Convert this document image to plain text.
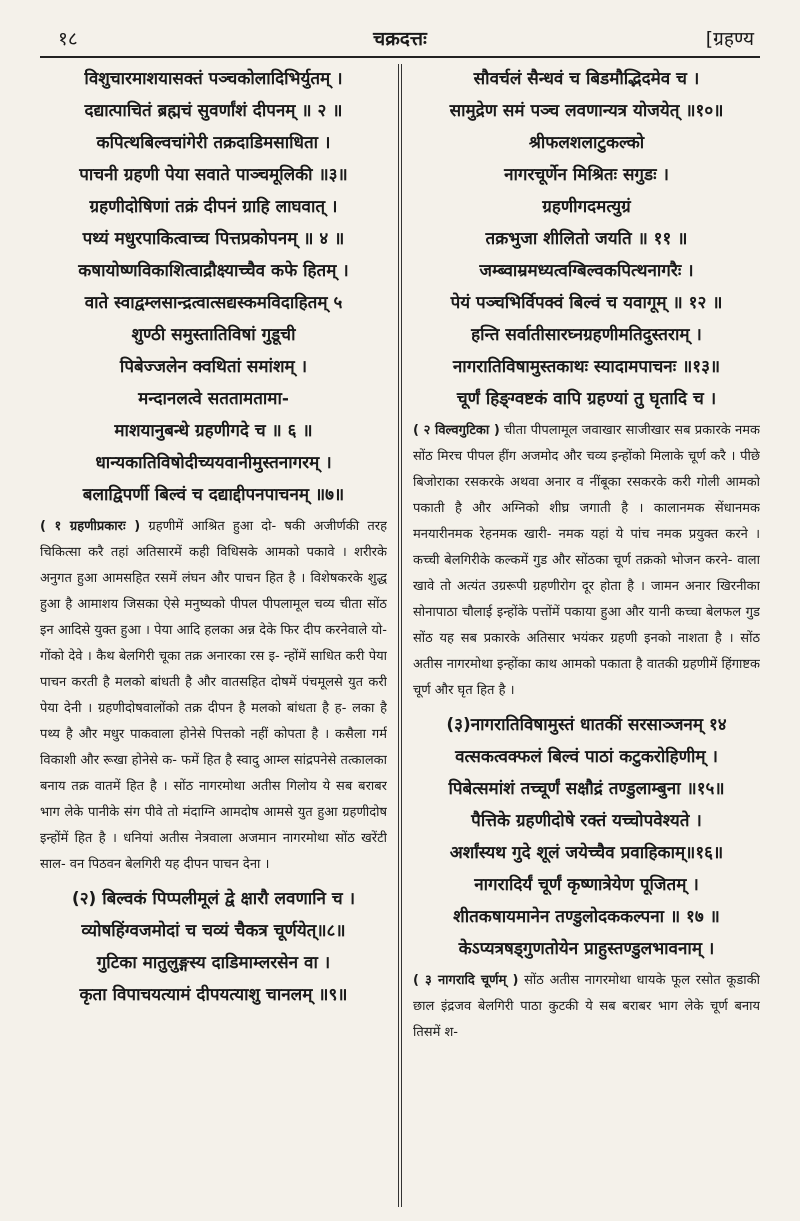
१८	चक्रदत्तः	[ग्रहण्य
विशुचारमाशयासक्तं पञ्चकोलादिभिर्युतम् ।
दद्यात्पाचितं ब्रह्मचं सुवर्णांशं दीपनम् ॥ २ ॥
कपित्थबिल्वचांगेरी तक्रदाडिमसाधिता ।
पाचनी ग्रहणी पेया सवाते पाञ्चमूलिकी ॥३॥
ग्रहणीदोषिणां तक्रं दीपनं ग्राहि लाघवात् ।
पथ्यं मधुरपाकित्वाच्च पित्तप्रकोपनम् ॥ ४ ॥
कषायोष्णविकाशित्वाद्रौक्ष्याच्चैव कफे हितम् ।
वाते स्वाद्वम्लसान्द्रत्वात्सद्यस्कमविदाहितम् ५
शुण्ठी समुस्तातिविषां गुडूची
पिबेज्जलेन क्वथितां समांशम् ।
मन्दानलत्वे सततामतामा-
माशयानुबन्धे ग्रहणीगदे च ॥ ६ ॥
धान्यकातिविषोदीच्ययवानीमुस्तनागरम् ।
बलाद्विपर्णी बिल्वं च दद्याद्दीपनपाचनम् ॥७॥

( १ ग्रहणीप्रकारः ) ग्रहणीमें आश्रित हुआ दो- षकी अजीर्णकी तरह चिकित्सा करै तहां अतिसारमें कही विधिसके आमको पकावे । शरीरके अनुगत हुआ आमसहित रसमें लंघन और पाचन हित है । विशेषकरके शुद्ध हुआ है आमाशय जिसका ऐसे मनुष्यको पीपल पीपलामूल चव्य चीता सोंठ इन आदिसे युक्त हुआ । पेया आदि हलका अन्न देके फिर दीप करनेवाले यो- गोंको देवे । कैथ बेलगिरी चूका तक्र अनारका रस इ- न्होंमें साधित करी पेया पाचन करती है मलको बांधती है और वातसहित दोषमें पंचमूलसे युत करी पेया देनी । ग्रहणीदोषवालोंको तक्र दीपन है मलको बांधता है ह- लका है पथ्य है और मधुर पाकवाला होनेसे पित्तको नहीं कोपता है । कसैला गर्म विकाशी और रूखा होनेसे क- फमें हित है स्वादु आम्ल सांद्रपनेसे तत्कालका बनाय तक्र वातमें हित है । सोंठ नागरमोथा अतीस गिलोय ये सब बराबर भाग लेके पानीके संग पीवे तो मंदाग्नि आमदोष आमसे युत हुआ ग्रहणीदोष इन्होंमें हित है । धनियां अतीस नेत्रवाला अजमान नागरमोथा सोंठ खरेंटी साल- वन पिठवन बेलगिरी यह दीपन पाचन देना ।

(२) बिल्वकं पिप्पलीमूलं द्वे क्षारौ लवणानि च ।
व्योषहिंग्वजमोदां च चव्यं चैकत्र चूर्णयेत्॥८॥
गुटिका मातुलुङ्गस्य दाडिमाम्लरसेन वा ।
कृता विपाचयत्यामं दीपयत्याशु चानलम् ॥९॥
सौवर्चलं सैन्धवं च बिडमौद्भिदमेव च ।
सामुद्रेण समं पञ्च लवणान्यत्र योजयेत् ॥१०॥
श्रीफलशलाटुकल्को
नागरचूर्णेन मिश्रितः सगुडः ।
ग्रहणीगदमत्युग्रं
तक्रभुजा शीलितो जयति ॥ ११ ॥
जम्ब्वाम्रमध्यत्वग्बिल्वकपित्थनागरैः ।
पेयं पञ्चभिर्विपक्वं बिल्वं च यवागूम् ॥ १२ ॥
हन्ति सर्वातीसारघ्नग्रहणीमतिदुस्तराम् ।
नागरातिविषामुस्तकाथः स्यादामपाचनः ॥१३॥
चूर्णं हिङ्ग्वष्टकं वापि ग्रहण्यां तु घृतादि च ।

( २ विल्वगुटिका ) चीता पीपलामूल जवाखार साजीखार सब प्रकारके नमक सोंठ मिरच पीपल हींग अजमोद और चव्य इन्होंको मिलाके चूर्ण करै । पीछे बिजोराका रसकरके अथवा अनार व नींबूका रसकरके करी गोली आमको पकाती है और अग्निको शीघ्र जगाती है । कालानमक सेंधानमक मनयारीनमक रेहनमक खारी- नमक यहां ये पांच नमक प्रयुक्त करने । कच्ची बेलगिरीके कल्कमें गुड और सोंठका चूर्ण तक्रको भोजन करने- वाला खावे तो अत्यंत उग्ररूपी ग्रहणीरोग दूर होता है । जामन अनार खिरनीका सोनापाठा चौलाई इन्होंके पत्तोंमें पकाया हुआ और यानी कच्चा बेलफल गुड सोंठ यह सब प्रकारके अतिसार भयंकर ग्रहणी इनको नाशता है । सोंठ अतीस नागरमोथा इन्होंका काथ आमको पकाता है वातकी ग्रहणीमें हिंगाष्टक चूर्ण और घृत हित है ।

(३)नागरातिविषामुस्तं धातकीं सरसाञ्जनम् १४
वत्सकत्वक्फलं बिल्वं पाठां कटुकरोहिणीम् ।
पिबेत्समांशं तच्चूर्णं सक्षौद्रं तण्डुलाम्बुना ॥१५॥
पैत्तिके ग्रहणीदोषे रक्तं यच्चोपवेश्यते ।
अर्शांस्यथ गुदे शूलं जयेच्चैव प्रवाहिकाम्॥१६॥
नागरादिर्यं चूर्णं कृष्णात्रेयेण पूजितम् ।
शीतकषायमानेन तण्डुलोदककल्पना ॥ १७ ॥
केऽप्यत्रषड्गुणतोयेन प्राहुस्तण्डुलभावनाम् ।

( ३ नागरादि चूर्णम् ) सोंठ अतीस नागरमोथा धायके फूल रसोत कूडाकी छाल इंद्रजव बेलगिरी पाठा कुटकी ये सब बराबर भाग लेके चूर्ण बनाय तिसमें श-
